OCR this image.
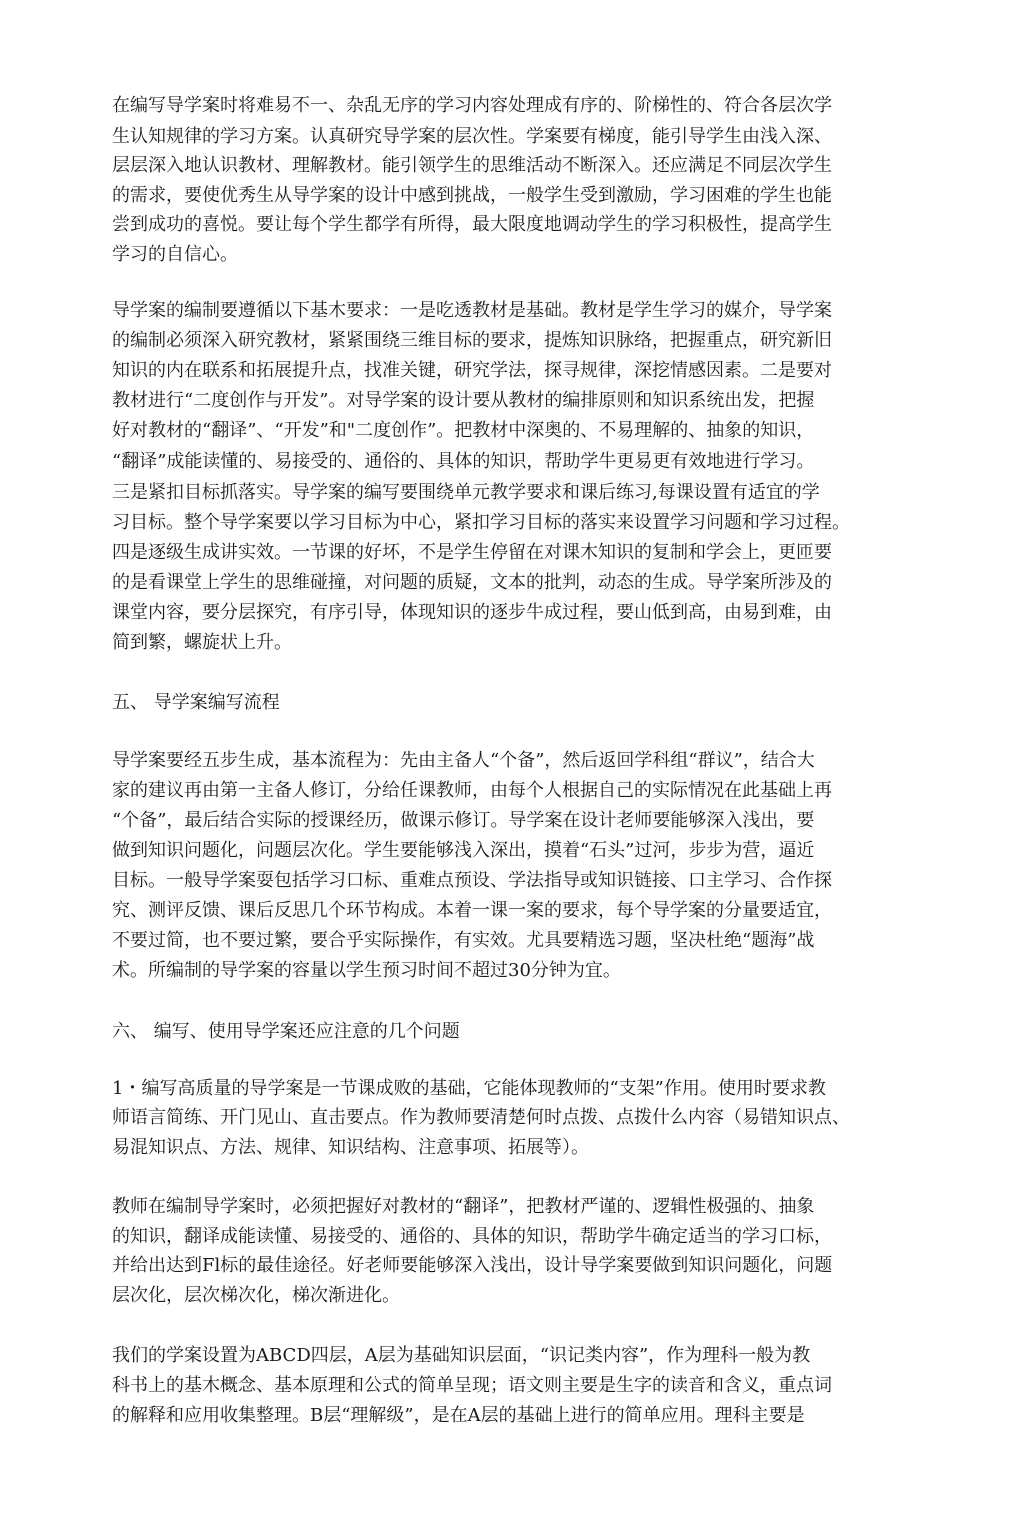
在编写导学案时将难易不一、杂乱无序的学习内容处理成有序的、阶梯性的、符合各层次学
生认知规律的学习方案。认真研究导学案的层次性。学案要有梯度，能引导学生由浅入深、
层层深入地认识教材、理解教材。能引领学生的思维活动不断深入。还应满足不同层次学生
的需求，要使优秀生从导学案的设计中感到挑战，一般学生受到激励，学习困难的学生也能
尝到成功的喜悦。要让每个学生都学有所得，最大限度地调动学生的学习积极性，提高学生
学习的自信心。
导学案的编制要遵循以下基木要求：一是吃透教材是基础。教材是学生学习的媒介，导学案
的编制必须深入研究教材，紧紧围绕三维目标的要求，提炼知识脉络，把握重点，研究新旧
知识的内在联系和拓展提升点，找准关键，研究学法，探寻规律，深挖情感因素。二是要对
教材进行“二度创作与开发”。对导学案的设计要从教材的编排原则和知识系统出发，把握
好对教材的“翻译”、“开发”和"二度创作”。把教材中深奥的、不易理解的、抽象的知识，
“翻译”成能读懂的、易接受的、通俗的、具体的知识，帮助学牛更易更有效地进行学习。
三是紧扣目标抓落实。导学案的编写要围绕单元教学要求和课后练习,每课设置有适宜的学
习目标。整个导学案要以学习目标为中心，紧扣学习目标的落实来设置学习问题和学习过程。
四是逐级生成讲实效。一节课的好坏，不是学生停留在对课木知识的复制和学会上，更匝要
的是看课堂上学生的思维碰撞，对问题的质疑，文本的批判，动态的生成。导学案所涉及的
课堂内容，要分层探究，有序引导，体现知识的逐步牛成过程，要山低到高，由易到难，由
简到繁，螺旋状上升。
五、 导学案编写流程
导学案要经五步生成，基本流程为：先由主备人“个备”，然后返回学科组“群议”，结合大
家的建议再由第一主备人修订，分给任课教师，由每个人根据自己的实际情况在此基础上再
“个备”，最后结合实际的授课经历，做课示修订。导学案在设计老师要能够深入浅出，要
做到知识问题化，问题层次化。学生要能够浅入深出，摸着“石头”过河，步步为营，逼近
目标。一般导学案耍包括学习口标、重难点预设、学法指导或知识链接、口主学习、合作探
究、测评反馈、课后反思几个环节构成。本着一课一案的要求，每个导学案的分量要适宜，
不要过简，也不要过繁，要合乎实际操作，有实效。尤具要精选习题，坚决杜绝“题海”战
术。所编制的导学案的容量以学生预习时间不超过30分钟为宜。
六、 编写、使用导学案还应注意的几个问题
1・编写高质量的导学案是一节课成败的基础，它能体现教师的“支架”作用。使用时要求教
师语言简练、开门见山、直击要点。作为教师要清楚何时点拨、点拨什么内容（易错知识点、
易混知识点、方法、规律、知识结构、注意事项、拓展等）。
教师在编制导学案时，必须把握好对教材的“翻译”，把教材严谨的、逻辑性极强的、抽象
的知识，翻译成能读懂、易接受的、通俗的、具体的知识，帮助学牛确定适当的学习口标，
并给出达到Fl标的最佳途径。好老师要能够深入浅出，设计导学案要做到知识问题化，问题
层次化，层次梯次化，梯次渐进化。
我们的学案设置为ABCD四层，A层为基础知识层面，“识记类内容”，作为理科一般为教
科书上的基木概念、基本原理和公式的简单呈现；语文则主要是生字的读音和含义，重点词
的解释和应用收集整理。B层“理解级”，是在A层的基础上进行的简单应用。理科主要是
